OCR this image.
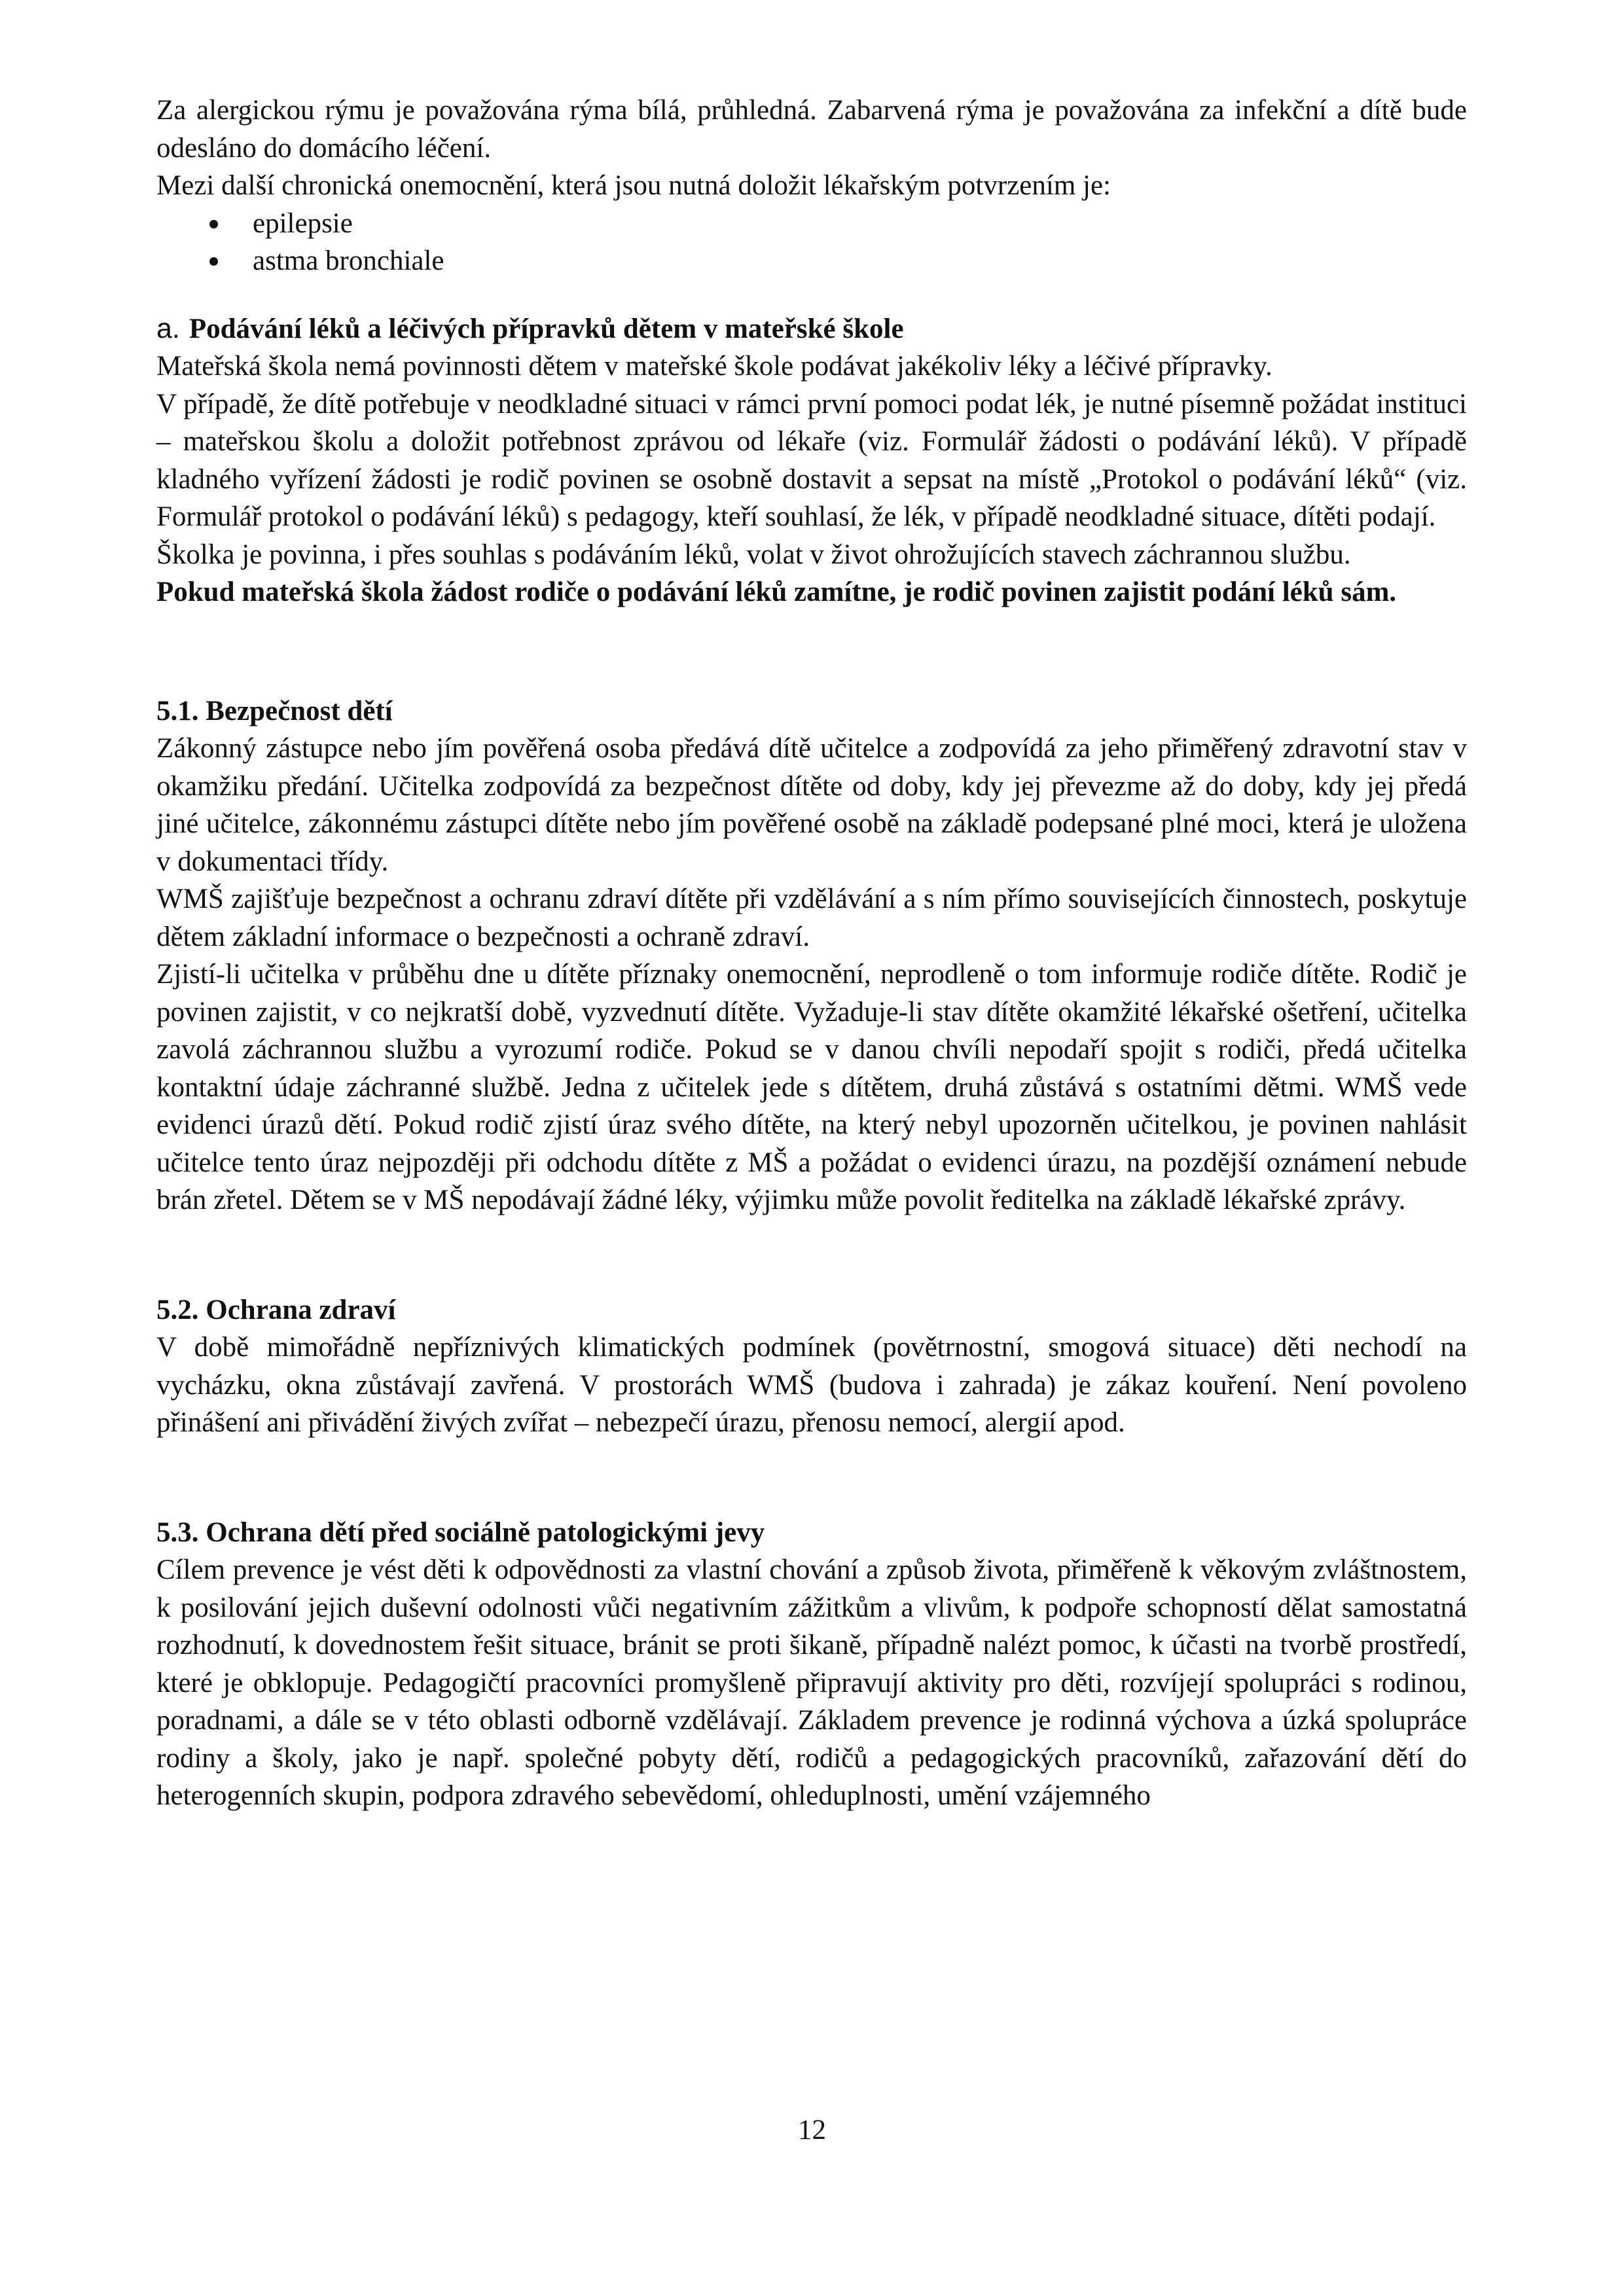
Za alergickou rýmu je považována rýma bílá, průhledná. Zabarvená rýma je považována za infekční a dítě bude odesláno do domácího léčení.

Mezi další chronická onemocnění, která jsou nutná doložit lékařským potvrzením je:

epilepsie
astma bronchiale

a. Podávání léků a léčivých přípravků dětem v mateřské škole

Mateřská škola nemá povinnosti dětem v mateřské škole podávat jakékoliv léky a léčivé přípravky.

V případě, že dítě potřebuje v neodkladné situaci v rámci první pomoci podat lék, je nutné písemně požádat instituci – mateřskou školu a doložit potřebnost zprávou od lékaře (viz. Formulář žádosti o podávání léků). V případě kladného vyřízení žádosti je rodič povinen se osobně dostavit a sepsat na místě „Protokol o podávání léků“ (viz. Formulář protokol o podávání léků) s pedagogy, kteří souhlasí, že lék, v případě neodkladné situace, dítěti podají.

Školka je povinna, i přes souhlas s podáváním léků, volat v život ohrožujících stavech záchrannou službu.

Pokud mateřská škola žádost rodiče o podávání léků zamítne, je rodič povinen zajistit podání léků sám.

5.1. Bezpečnost dětí

Zákonný zástupce nebo jím pověřená osoba předává dítě učitelce a zodpovídá za jeho přiměřený zdravotní stav v okamžiku předání. Učitelka zodpovídá za bezpečnost dítěte od doby, kdy jej převezme až do doby, kdy jej předá jiné učitelce, zákonnému zástupci dítěte nebo jím pověřené osobě na základě podepsané plné moci, která je uložena v dokumentaci třídy.

WMŠ zajišťuje bezpečnost a ochranu zdraví dítěte při vzdělávání a s ním přímo souvisejících činnostech, poskytuje dětem základní informace o bezpečnosti a ochraně zdraví.

Zjistí-li učitelka v průběhu dne u dítěte příznaky onemocnění, neprodleně o tom informuje rodiče dítěte. Rodič je povinen zajistit, v co nejkratší době, vyzvednutí dítěte. Vyžaduje-li stav dítěte okamžité lékařské ošetření, učitelka zavolá záchrannou službu a vyrozumí rodiče. Pokud se v danou chvíli nepodaří spojit s rodiči, předá učitelka kontaktní údaje záchranné službě. Jedna z učitelek jede s dítětem, druhá zůstává s ostatními dětmi. WMŠ vede evidenci úrazů dětí. Pokud rodič zjistí úraz svého dítěte, na který nebyl upozorněn učitelkou, je povinen nahlásit učitelce tento úraz nejpozději při odchodu dítěte z MŠ a požádat o evidenci úrazu, na pozdější oznámení nebude brán zřetel. Dětem se v MŠ nepodávají žádné léky, výjimku může povolit ředitelka na základě lékařské zprávy.

5.2. Ochrana zdraví

V době mimořádně nepříznivých klimatických podmínek (povětrnostní, smogová situace) děti nechodí na vycházku, okna zůstávají zavřená. V prostorách WMŠ (budova i zahrada) je zákaz kouření. Není povoleno přinášení ani přivádění živých zvířat – nebezpečí úrazu, přenosu nemocí, alergií apod.

5.3. Ochrana dětí před sociálně patologickými jevy

Cílem prevence je vést děti k odpovědnosti za vlastní chování a způsob života, přiměřeně k věkovým zvláštnostem, k posilování jejich duševní odolnosti vůči negativním zážitkům a vlivům, k podpoře schopností dělat samostatná rozhodnutí, k dovednostem řešit situace, bránit se proti šikaně, případně nalézt pomoc, k účasti na tvorbě prostředí, které je obklopuje. Pedagogičtí pracovníci promyšleně připravují aktivity pro děti, rozvíjejí spolupráci s rodinou, poradnami, a dále se v této oblasti odborně vzdělávají. Základem prevence je rodinná výchova a úzká spolupráce rodiny a školy, jako je např. společné pobyty dětí, rodičů a pedagogických pracovníků, zařazování dětí do heterogenních skupin, podpora zdravého sebevědomí, ohleduplnosti, umění vzájemného

12
